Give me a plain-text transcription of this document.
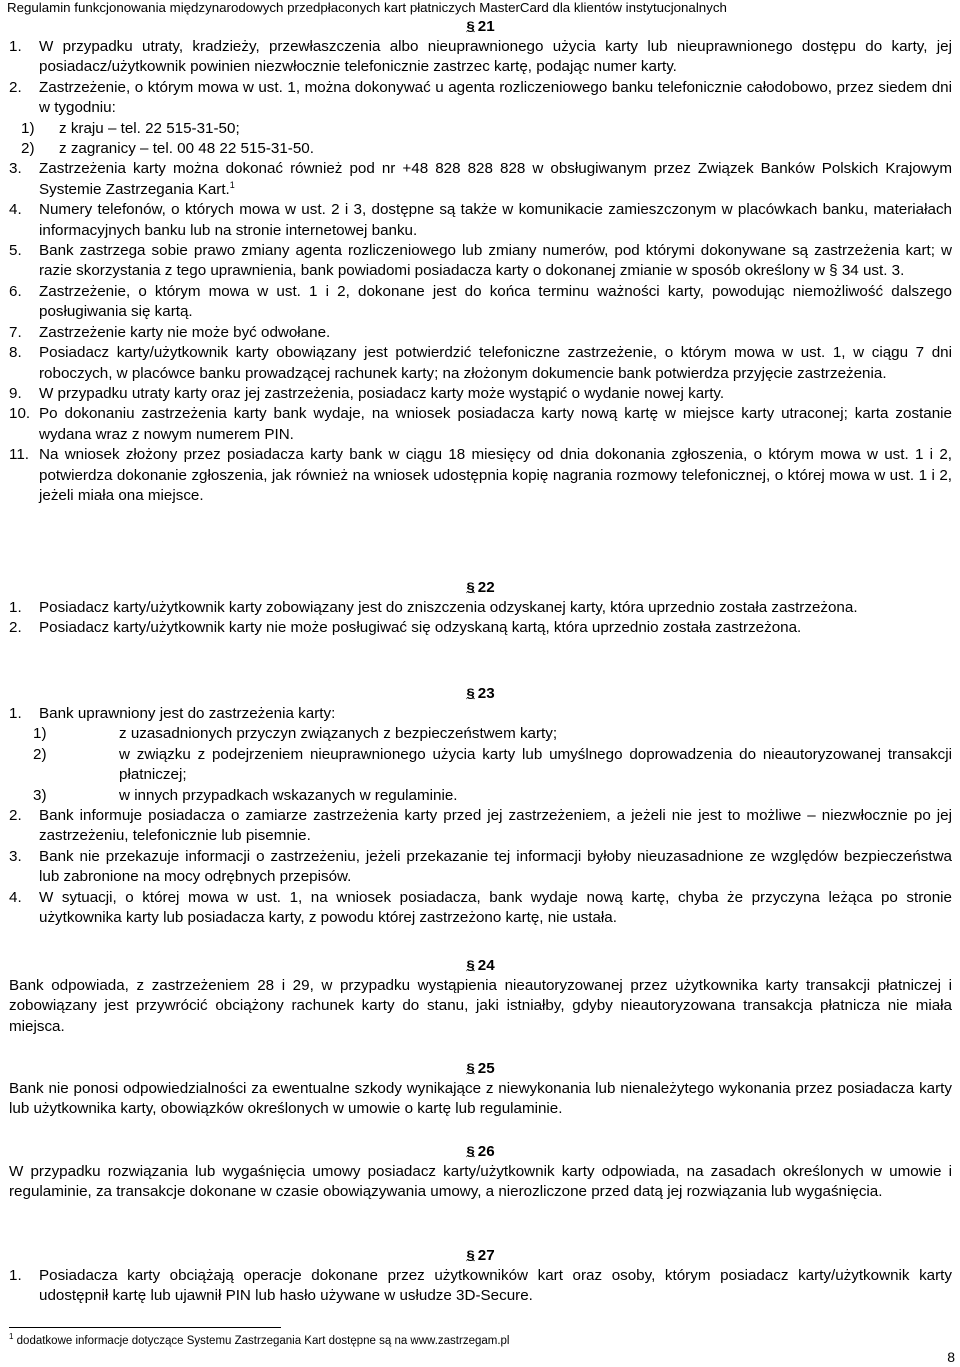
Regulamin funkcjonowania międzynarodowych przedpłaconych kart płatniczych MasterCard dla klientów instytucjonalnych
§ 21
1.	W przypadku utraty, kradzieży, przewłaszczenia albo nieuprawnionego użycia karty lub nieuprawnionego dostępu do karty, jej posiadacz/użytkownik powinien niezwłocznie telefonicznie zastrzec kartę, podając numer karty.
2.	Zastrzeżenie, o którym mowa w ust. 1, można dokonywać u agenta rozliczeniowego banku telefonicznie całodobowo, przez siedem dni w tygodniu:
1) z kraju – tel. 22 515-31-50;
2) z zagranicy – tel. 00 48 22 515-31-50.
3.	Zastrzeżenia karty można dokonać również pod nr +48 828 828 828 w obsługiwanym przez Związek Banków Polskich Krajowym Systemie Zastrzegania Kart.$^1$
4.	Numery telefonów, o których mowa w ust. 2 i 3, dostępne są także w komunikacie zamieszczonym w placówkach banku, materiałach informacyjnych banku lub na stronie internetowej banku.
5.	Bank zastrzega sobie prawo zmiany agenta rozliczeniowego lub zmiany numerów, pod którymi dokonywane są zastrzeżenia kart; w razie skorzystania z tego uprawnienia, bank powiadomi posiadacza karty o dokonanej zmianie w sposób określony w § 34 ust. 3.
6.	Zastrzeżenie, o którym mowa w ust. 1 i 2, dokonane jest do końca terminu ważności karty, powodując niemożliwość dalszego posługiwania się kartą.
7.	Zastrzeżenie karty nie może być odwołane.
8.	Posiadacz karty/użytkownik karty obowiązany jest potwierdzić telefoniczne zastrzeżenie, o którym mowa w ust. 1, w ciągu 7 dni roboczych, w placówce banku prowadzącej rachunek karty; na złożonym dokumencie bank potwierdza przyjęcie zastrzeżenia.
9.	W przypadku utraty karty oraz jej zastrzeżenia, posiadacz karty może wystąpić o wydanie nowej karty.
10. Po dokonaniu zastrzeżenia karty bank wydaje, na wniosek posiadacza karty nową kartę w miejsce karty utraconej; karta zostanie wydana wraz z nowym numerem PIN.
11. Na wniosek złożony przez posiadacza karty bank w ciągu 18 miesięcy od dnia dokonania zgłoszenia, o którym mowa w ust. 1 i 2, potwierdza dokonanie zgłoszenia, jak również na wniosek udostępnia kopię nagrania rozmowy telefonicznej, o której mowa w ust. 1 i 2, jeżeli miała ona miejsce.
§ 22
1.	Posiadacz karty/użytkownik karty zobowiązany jest do zniszczenia odzyskanej karty, która uprzednio została zastrzeżona.
2.	Posiadacz karty/użytkownik karty nie może posługiwać się odzyskaną kartą, która uprzednio została zastrzeżona.
§ 23
1.	Bank uprawniony jest do zastrzeżenia karty:
1)	z uzasadnionych przyczyn związanych z bezpieczeństwem karty;
2)	w związku z podejrzeniem nieuprawnionego użycia karty lub umyślnego doprowadzenia do nieautoryzowanej transakcji płatniczej;
3)	w innych przypadkach wskazanych w regulaminie.
2.	Bank informuje posiadacza o zamiarze zastrzeżenia karty przed jej zastrzeżeniem, a jeżeli nie jest to możliwe – niezwłocznie po jej zastrzeżeniu, telefonicznie lub pisemnie.
3.	Bank nie przekazuje informacji o zastrzeżeniu, jeżeli przekazanie tej informacji byłoby nieuzasadnione ze względów bezpieczeństwa lub zabronione na mocy odrębnych przepisów.
4.	W sytuacji, o której mowa w ust. 1, na wniosek posiadacza, bank wydaje nową kartę, chyba że przyczyna leżąca po stronie użytkownika karty lub posiadacza karty, z powodu której zastrzeżono kartę, nie ustała.
§ 24
Bank odpowiada, z zastrzeżeniem 28 i 29, w przypadku wystąpienia nieautoryzowanej przez użytkownika karty transakcji płatniczej i zobowiązany jest przywrócić obciążony rachunek karty do stanu, jaki istniałby, gdyby nieautoryzowana transakcja płatnicza nie miała miejsca.
§ 25
Bank nie ponosi odpowiedzialności za ewentualne szkody wynikające z niewykonania lub nienależytego wykonania przez posiadacza karty lub użytkownika karty, obowiązków określonych w umowie o kartę lub regulaminie.
§ 26
W przypadku rozwiązania lub wygaśnięcia umowy posiadacz karty/użytkownik karty odpowiada, na zasadach określonych w umowie i regulaminie, za transakcje dokonane w czasie obowiązywania umowy, a nierozliczone przed datą jej rozwiązania lub wygaśnięcia.
§ 27
1.	Posiadacza karty obciążają operacje dokonane przez użytkowników kart oraz osoby, którym posiadacz karty/użytkownik karty udostępnił kartę lub ujawnił PIN lub hasło używane w usłudze 3D-Secure.
$^1$ dodatkowe informacje dotyczące Systemu Zastrzegania Kart dostępne są na www.zastrzegam.pl
8
